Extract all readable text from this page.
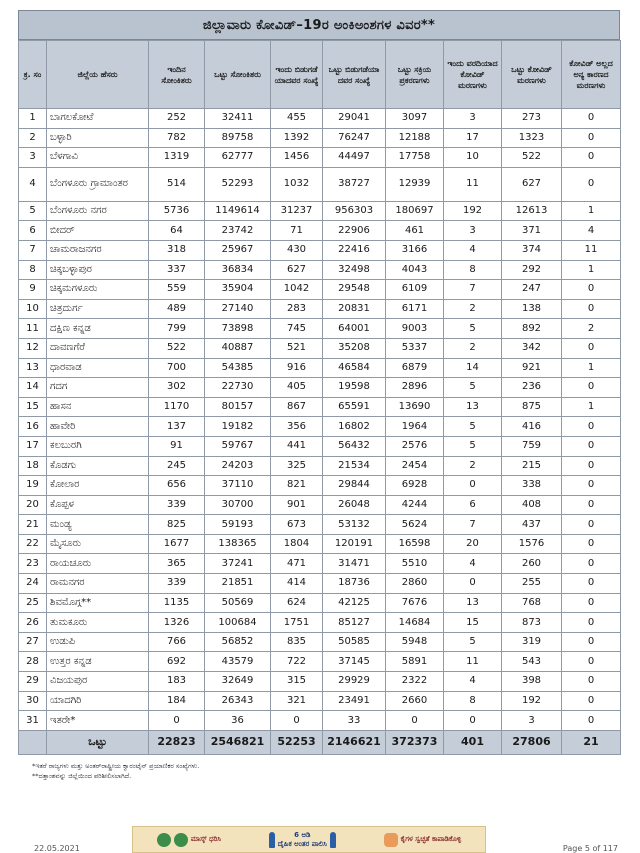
ಜಿಲ್ಲಾವಾರು ಕೋವಿಡ್–19ರ ಅಂಕಿಅಂಶಗಳ ವಿವರ**
ಕ್ರ. ಸಂ	ಜಿಲ್ಲೆಯ ಹೆಸರು	ಇಂದಿನ ಸೋಂಕಿತರು	ಒಟ್ಟು ಸೋಂಕಿತರು	ಇಂದು ಬಿಡುಗಡೆ ಯಾದವರ ಸಂಖ್ಯೆ	ಒಟ್ಟು ಬಿಡುಗಡೆಯಾ ದವರ ಸಂಖ್ಯೆ	ಒಟ್ಟು ಸಕ್ರಿಯ ಪ್ರಕರಣಗಳು	ಇಂದು ವರದಿಯಾದ ಕೋವಿಡ್ ಮರಣಗಳು	ಒಟ್ಟು ಕೋವಿಡ್ ಮರಣಗಳು	ಕೋವಿಡ್ ಅಲ್ಲದ ಅನ್ಯ ಕಾರಣದ ಮರಣಗಳು
1	ಬಾಗಲಕೋಟೆ	252	32411	455	29041	3097	3	273	0
2	ಬಳ್ಳಾರಿ	782	89758	1392	76247	12188	17	1323	0
3	ಬೆಳಗಾವಿ	1319	62777	1456	44497	17758	10	522	0
4	ಬೆಂಗಳೂರು ಗ್ರಾಮಾಂತರ	514	52293	1032	38727	12939	11	627	0
5	ಬೆಂಗಳೂರು ನಗರ	5736	1149614	31237	956303	180697	192	12613	1
6	ಬೀದರ್	64	23742	71	22906	461	3	371	4
7	ಚಾಮರಾಜನಗರ	318	25967	430	22416	3166	4	374	11
8	ಚಿಕ್ಕಬಳ್ಳಾಪುರ	337	36834	627	32498	4043	8	292	1
9	ಚಿಕ್ಕಮಗಳೂರು	559	35904	1042	29548	6109	7	247	0
10	ಚಿತ್ರದುರ್ಗ	489	27140	283	20831	6171	2	138	0
11	ದಕ್ಷಿಣ ಕನ್ನಡ	799	73898	745	64001	9003	5	892	2
12	ದಾವಣಗೆರೆ	522	40887	521	35208	5337	2	342	0
13	ಧಾರವಾಡ	700	54385	916	46584	6879	14	921	1
14	ಗದಗ	302	22730	405	19598	2896	5	236	0
15	ಹಾಸನ	1170	80157	867	65591	13690	13	875	1
16	ಹಾವೇರಿ	137	19182	356	16802	1964	5	416	0
17	ಕಲಬುರಗಿ	91	59767	441	56432	2576	5	759	0
18	ಕೊಡಗು	245	24203	325	21534	2454	2	215	0
19	ಕೋಲಾರ	656	37110	821	29844	6928	0	338	0
20	ಕೊಪ್ಪಳ	339	30700	901	26048	4244	6	408	0
21	ಮಂಡ್ಯ	825	59193	673	53132	5624	7	437	0
22	ಮೈಸೂರು	1677	138365	1804	120191	16598	20	1576	0
23	ರಾಯಚೂರು	365	37241	471	31471	5510	4	260	0
24	ರಾಮನಗರ	339	21851	414	18736	2860	0	255	0
25	ಶಿವಮೊಗ್ಗ**	1135	50569	624	42125	7676	13	768	0
26	ತುಮಕೂರು	1326	100684	1751	85127	14684	15	873	0
27	ಉಡುಪಿ	766	56852	835	50585	5948	5	319	0
28	ಉತ್ತರ ಕನ್ನಡ	692	43579	722	37145	5891	11	543	0
29	ವಿಜಯಪುರ	183	32649	315	29929	2322	4	398	0
30	ಯಾದಗಿರಿ	184	26343	321	23491	2660	8	192	0
31	ಇತರೇ*	0	36	0	33	0	0	3	0
	ಒಟ್ಟು	22823	2546821	52253	2146621	372373	401	27806	21
*ಇತರೆ ರಾಜ್ಯಗಳು ಮತ್ತು ಅಂತರ್‌ರಾಷ್ಟ್ರೀಯ ಕ್ವಾರಂಟೈನ್ ಪ್ರಯಾಣಿಕರ ಸಂಖ್ಯೆಗಳು.
**ದತ್ತಾಂಶವನ್ನು ಜಿಲ್ಲೆಯಿಂದ ಪರಿಶೀಲಿಸಲಾಗಿದೆ.
22.05.2021
ಮಾಸ್ಕ್ ಧರಿಸಿ
6 ಅಡಿ
ದೈಹಿಕ ಅಂತರ ಪಾಲಿಸಿ
ಕೈಗಳ ಸ್ವಚ್ಛತೆ ಕಾಪಾಡಿಕೊಳ್ಳಿ
Page 5 of 117
